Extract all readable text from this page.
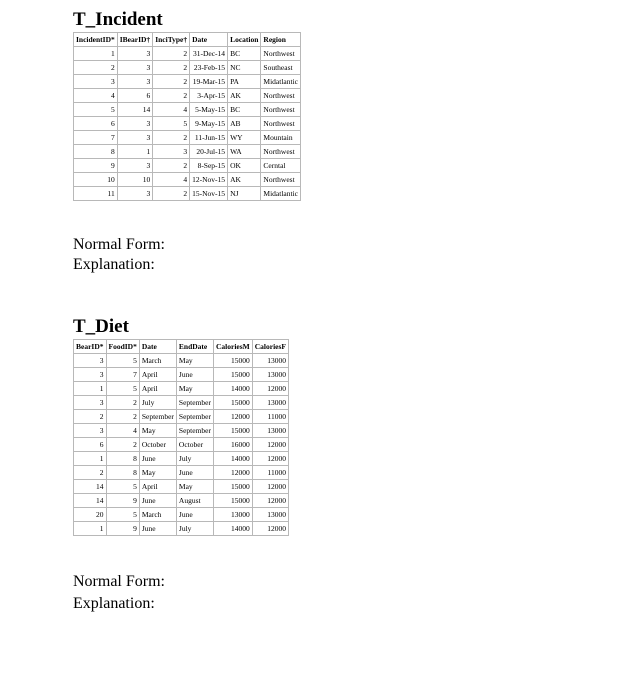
T_Incident
IncidentID*	IBearID†	InciType†	Date	Location	Region
1	3	2	31-Dec-14	BC	Northwest
2	3	2	23-Feb-15	NC	Southeast
3	3	2	19-Mar-15	PA	Midatlantic
4	6	2	3-Apr-15	AK	Northwest
5	14	4	5-May-15	BC	Northwest
6	3	5	9-May-15	AB	Northwest
7	3	2	11-Jun-15	WY	Mountain
8	1	3	20-Jul-15	WA	Northwest
9	3	2	8-Sep-15	OK	Cerntal
10	10	4	12-Nov-15	AK	Northwest
11	3	2	15-Nov-15	NJ	Midatlantic
Normal Form:
Explanation:
T_Diet
BearID*	FoodID*	Date	EndDate	CaloriesM	CaloriesF
3	5	March	May	15000	13000
3	7	April	June	15000	13000
1	5	April	May	14000	12000
3	2	July	September	15000	13000
2	2	September	September	12000	11000
3	4	May	September	15000	13000
6	2	October	October	16000	12000
1	8	June	July	14000	12000
2	8	May	June	12000	11000
14	5	April	May	15000	12000
14	9	June	August	15000	12000
20	5	March	June	13000	13000
1	9	June	July	14000	12000
Normal Form:
Explanation:
